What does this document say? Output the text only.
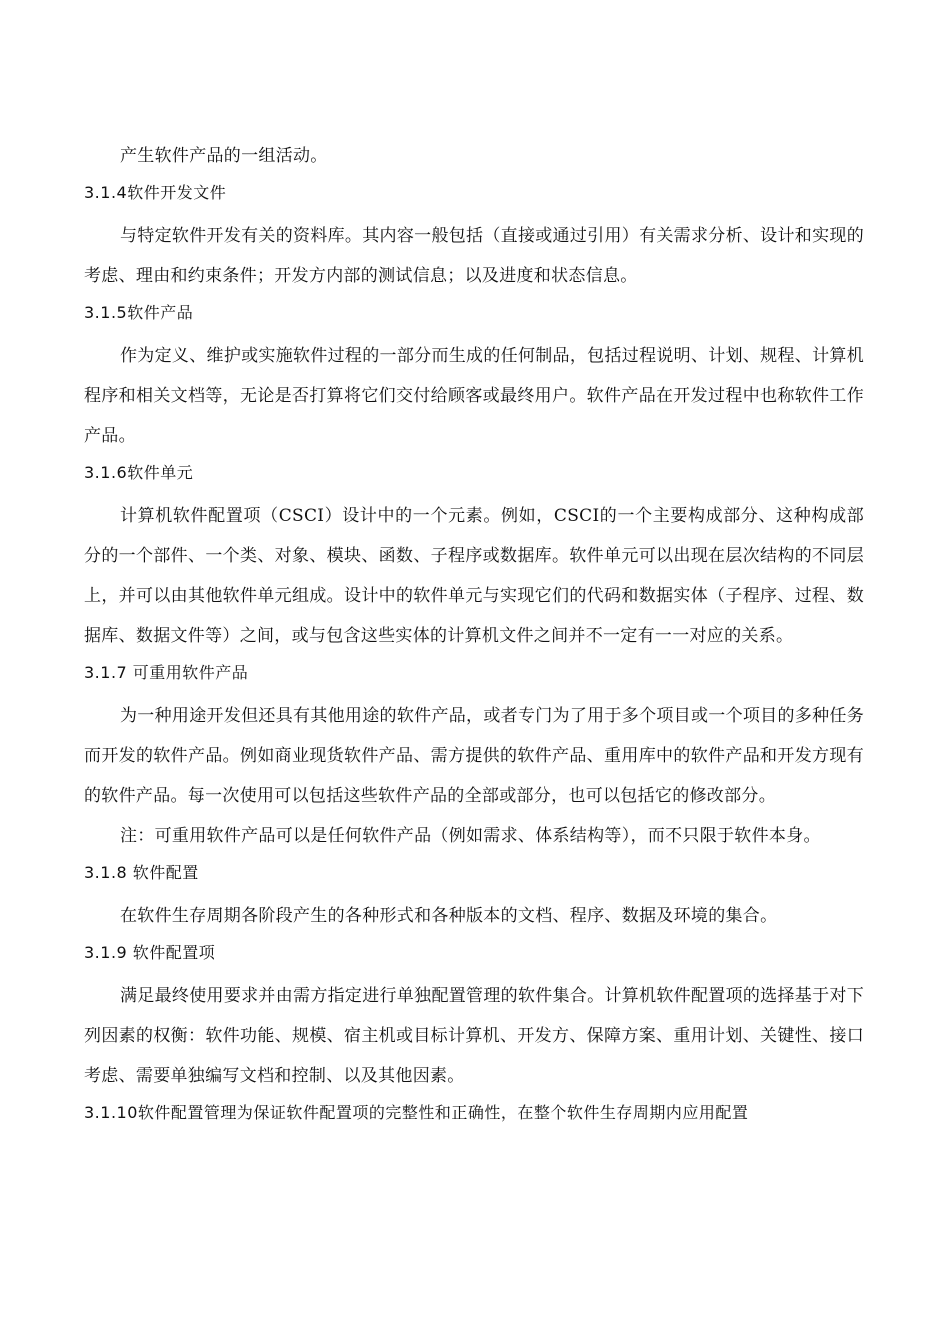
产生软件产品的一组活动。

3.1.4软件开发文件

与特定软件开发有关的资料库。其内容一般包括（直接或通过引用）有关需求分析、设计和实现的考虑、理由和约束条件；开发方内部的测试信息；以及进度和状态信息。

3.1.5软件产品

作为定义、维护或实施软件过程的一部分而生成的任何制品，包括过程说明、计划、规程、计算机程序和相关文档等，无论是否打算将它们交付给顾客或最终用户。软件产品在开发过程中也称软件工作产品。

3.1.6软件单元

计算机软件配置项（CSCI）设计中的一个元素。例如，CSCI的一个主要构成部分、这种构成部分的一个部件、一个类、对象、模块、函数、子程序或数据库。软件单元可以出现在层次结构的不同层上，并可以由其他软件单元组成。设计中的软件单元与实现它们的代码和数据实体（子程序、过程、数据库、数据文件等）之间，或与包含这些实体的计算机文件之间并不一定有一一对应的关系。

3.1.7 可重用软件产品

为一种用途开发但还具有其他用途的软件产品，或者专门为了用于多个项目或一个项目的多种任务而开发的软件产品。例如商业现货软件产品、需方提供的软件产品、重用库中的软件产品和开发方现有的软件产品。每一次使用可以包括这些软件产品的全部或部分，也可以包括它的修改部分。

注：可重用软件产品可以是任何软件产品（例如需求、体系结构等），而不只限于软件本身。

3.1.8 软件配置

在软件生存周期各阶段产生的各种形式和各种版本的文档、程序、数据及环境的集合。

3.1.9 软件配置项

满足最终使用要求并由需方指定进行单独配置管理的软件集合。计算机软件配置项的选择基于对下列因素的权衡：软件功能、规模、宿主机或目标计算机、开发方、保障方案、重用计划、关键性、接口考虑、需要单独编写文档和控制、以及其他因素。

3.1.10软件配置管理为保证软件配置项的完整性和正确性，在整个软件生存周期内应用配置
